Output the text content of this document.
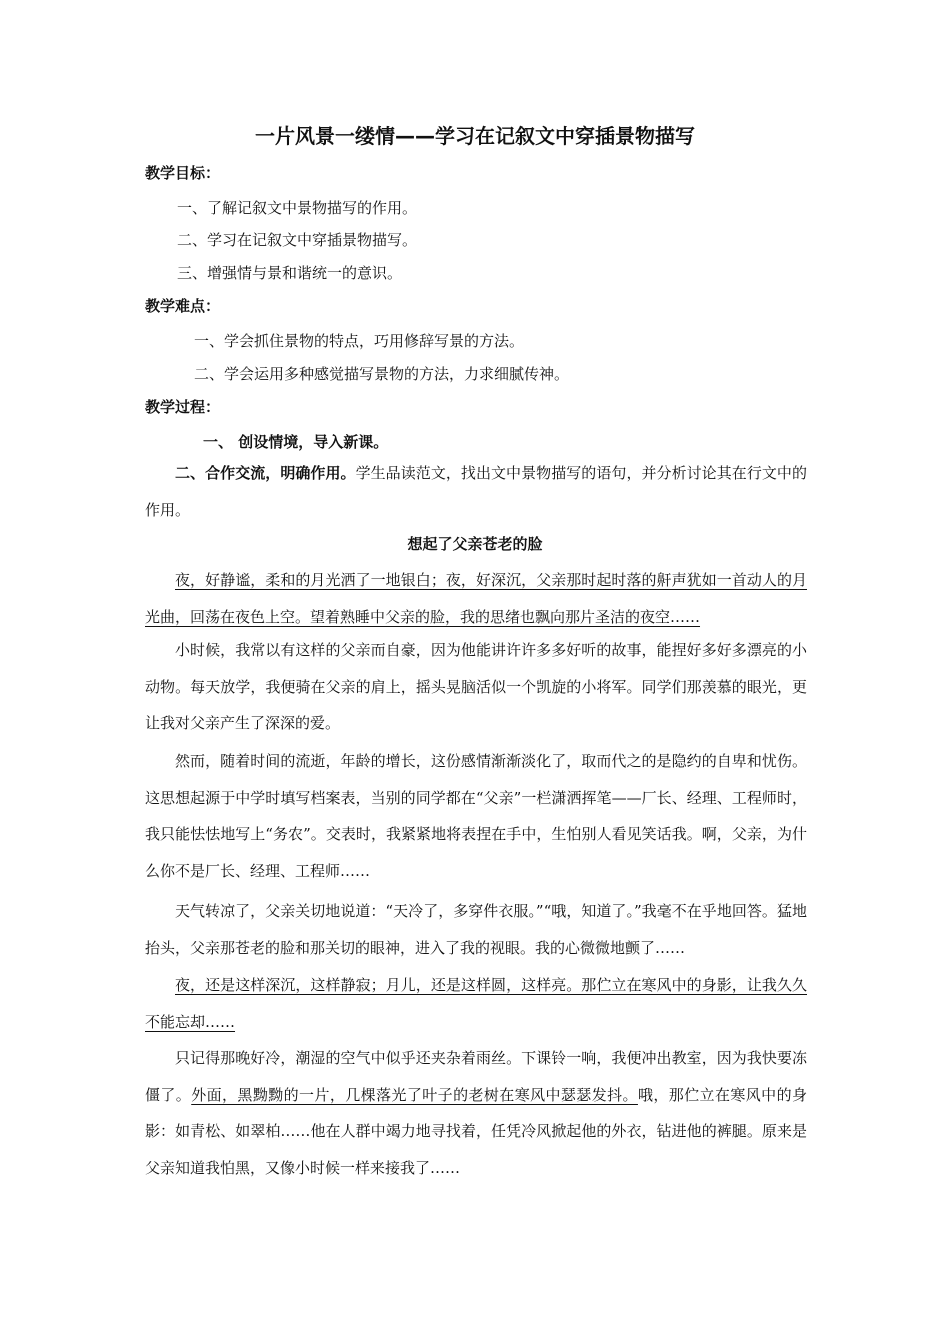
一片风景一缕情——学习在记叙文中穿插景物描写
教学目标：
一、了解记叙文中景物描写的作用。
二、学习在记叙文中穿插景物描写。
三、增强情与景和谐统一的意识。
教学难点：
一、学会抓住景物的特点，巧用修辞写景的方法。
二、学会运用多种感觉描写景物的方法，力求细腻传神。
教学过程：
一、 创设情境，导入新课。
二、合作交流，明确作用。学生品读范文，找出文中景物描写的语句，并分析讨论其在行文中的作用。
想起了父亲苍老的脸
夜，好静谧，柔和的月光洒了一地银白；夜，好深沉，父亲那时起时落的鼾声犹如一首动人的月光曲，回荡在夜色上空。望着熟睡中父亲的脸，我的思绪也飘向那片圣洁的夜空……
小时候，我常以有这样的父亲而自豪，因为他能讲许许多多好听的故事，能捏好多好多漂亮的小动物。每天放学，我便骑在父亲的肩上，摇头晃脑活似一个凯旋的小将军。同学们那羡慕的眼光，更让我对父亲产生了深深的爱。
然而，随着时间的流逝，年龄的增长，这份感情渐渐淡化了，取而代之的是隐约的自卑和忧伤。这思想起源于中学时填写档案表，当别的同学都在“父亲”一栏潇洒挥笔——厂长、经理、工程师时，我只能怯怯地写上“务农”。交表时，我紧紧地将表捏在手中，生怕别人看见笑话我。啊，父亲，为什么你不是厂长、经理、工程师……
天气转凉了，父亲关切地说道：“天冷了，多穿件衣服。”“哦，知道了。”我毫不在乎地回答。猛地抬头，父亲那苍老的脸和那关切的眼神，进入了我的视眼。我的心微微地颤了……
夜，还是这样深沉，这样静寂；月儿，还是这样圆，这样亮。那伫立在寒风中的身影，让我久久不能忘却……
只记得那晚好冷，潮湿的空气中似乎还夹杂着雨丝。下课铃一响，我便冲出教室，因为我快要冻僵了。外面，黑黝黝的一片，几棵落光了叶子的老树在寒风中瑟瑟发抖。哦，那伫立在寒风中的身影：如青松、如翠柏……他在人群中竭力地寻找着，任凭冷风掀起他的外衣，钻进他的裤腿。原来是父亲知道我怕黑，又像小时候一样来接我了……
